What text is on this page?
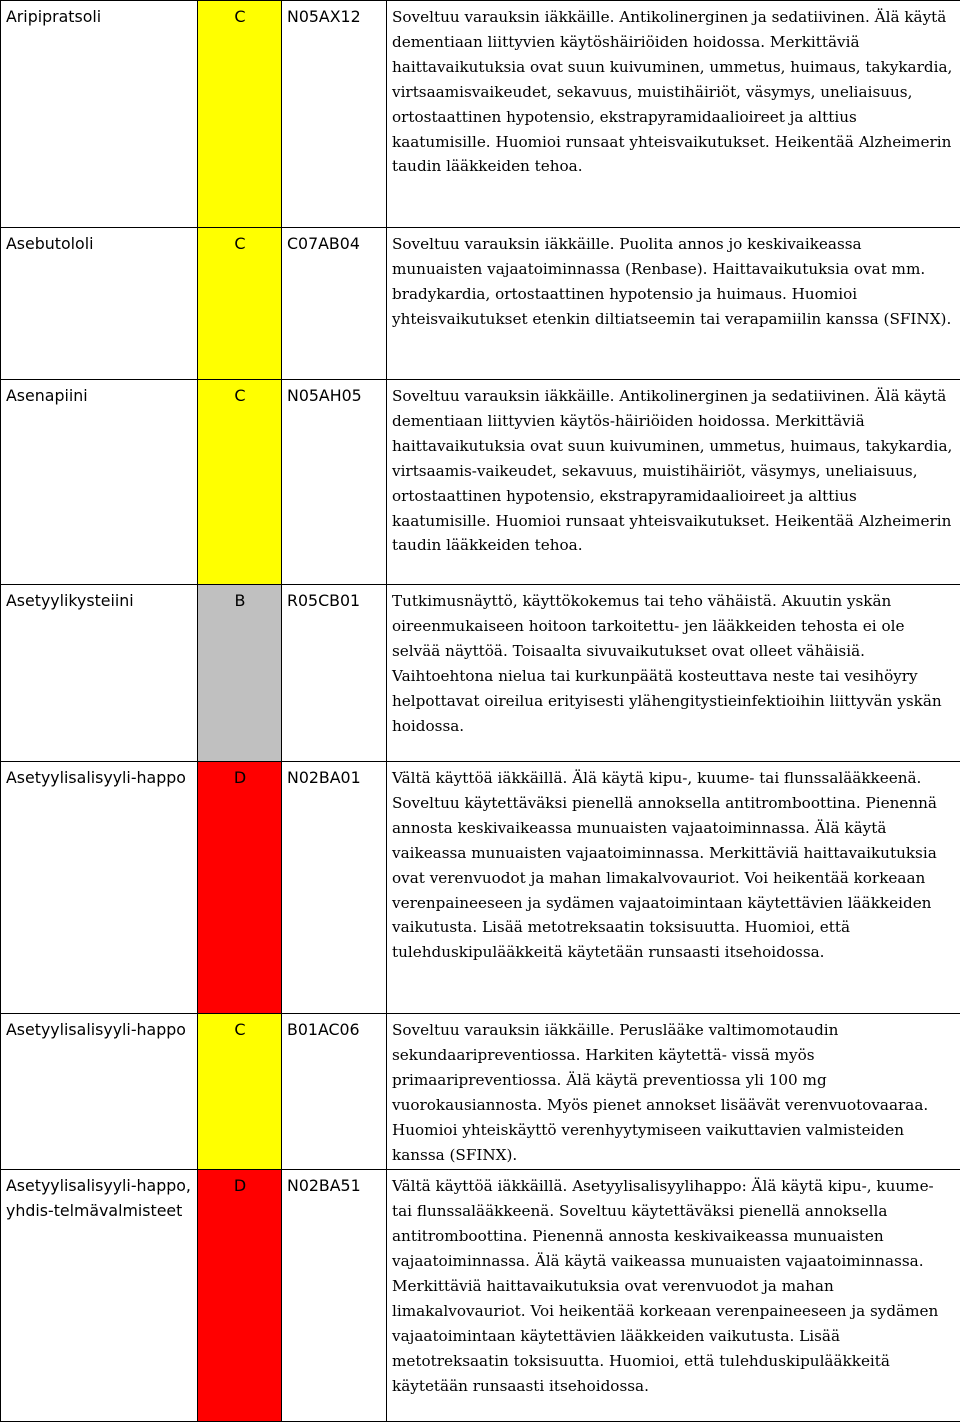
Aripipratsoli	C	N05AX12	Soveltuu varauksin iäkkäille. Antikolinerginen ja sedatiivinen. Älä käytä dementiaan liittyvien käytöshäiriöiden hoidossa. Merkittäviä haittavaikutuksia ovat suun kuivuminen, ummetus, huimaus, takykardia, virtsaamisvaikeudet, sekavuus, muistihäiriöt, väsymys, uneliaisuus, ortostaattinen hypotensio, ekstrapyramidaalioireet ja alttius kaatumisille. Huomioi runsaat yhteisvaikutukset. Heikentää Alzheimerin taudin lääkkeiden tehoa.
Asebutololi	C	C07AB04	Soveltuu varauksin iäkkäille. Puolita annos jo keskivaikeassa munuaisten vajaatoiminnassa (Renbase). Haittavaikutuksia ovat mm. bradykardia, ortostaattinen hypotensio ja huimaus. Huomioi yhteisvaikutukset etenkin diltiatseemin tai verapamiilin kanssa (SFINX).
Asenapiini	C	N05AH05	Soveltuu varauksin iäkkäille. Antikolinerginen ja sedatiivinen. Älä käytä dementiaan liittyvien käytös-häiriöiden hoidossa. Merkittäviä haittavaikutuksia ovat suun kuivuminen, ummetus, huimaus, takykardia, virtsaamis-vaikeudet, sekavuus, muistihäiriöt, väsymys, uneliaisuus, ortostaattinen hypotensio, ekstrapyramidaalioireet ja alttius kaatumisille. Huomioi runsaat yhteisvaikutukset. Heikentää Alzheimerin taudin lääkkeiden tehoa.
Asetyylikysteiini	B	R05CB01	Tutkimusnäyttö, käyttökokemus tai teho vähäistä. Akuutin yskän oireenmukaiseen hoitoon tarkoitettu- jen lääkkeiden tehosta ei ole selvää näyttöä. Toisaalta sivuvaikutukset ovat olleet vähäisiä. Vaihtoehtona nielua tai kurkunpäätä kosteuttava neste tai vesihöyry helpottavat oireilua erityisesti ylähengitystieinfektioihin liittyvän yskän hoidossa.
Asetyylisalisyyli-happo	D	N02BA01	Vältä käyttöä iäkkäillä. Älä käytä kipu-, kuume- tai flunssalääkkeenä. Soveltuu käytettäväksi pienellä annoksella antitromboottina. Pienennä annosta keskivaikeassa munuaisten vajaatoiminnassa. Älä käytä vaikeassa munuaisten vajaatoiminnassa. Merkittäviä haittavaikutuksia ovat verenvuodot ja mahan limakalvovauriot. Voi heikentää korkeaan verenpaineeseen ja sydämen vajaatoimintaan käytettävien lääkkeiden vaikutusta. Lisää metotreksaatin toksisuutta. Huomioi, että tulehduskipulääkkeitä käytetään runsaasti itsehoidossa.
Asetyylisalisyyli-happo	C	B01AC06	Soveltuu varauksin iäkkäille. Peruslääke valtimomotaudin sekundaaripreventiossa. Harkiten käytettä- vissä myös primaaripreventiossa. Älä käytä preventiossa yli 100 mg vuorokausiannosta. Myös pienet annokset lisäävät verenvuotovaaraa. Huomioi yhteiskäyttö verenhyytymiseen vaikuttavien valmisteiden kanssa (SFINX).
Asetyylisalisyyli-happo, yhdis-telmävalmisteet	D	N02BA51	Vältä käyttöä iäkkäillä. Asetyylisalisyylihappo: Älä käytä kipu-, kuume- tai flunssalääkkeenä. Soveltuu käytettäväksi pienellä annoksella antitromboottina. Pienennä annosta keskivaikeassa munuaisten vajaatoiminnassa. Älä käytä vaikeassa munuaisten vajaatoiminnassa. Merkittäviä haittavaikutuksia ovat verenvuodot ja mahan limakalvovauriot. Voi heikentää korkeaan verenpaineeseen ja sydämen vajaatoimintaan käytettävien lääkkeiden vaikutusta. Lisää metotreksaatin toksisuutta. Huomioi, että tulehduskipulääkkeitä käytetään runsaasti itsehoidossa.
